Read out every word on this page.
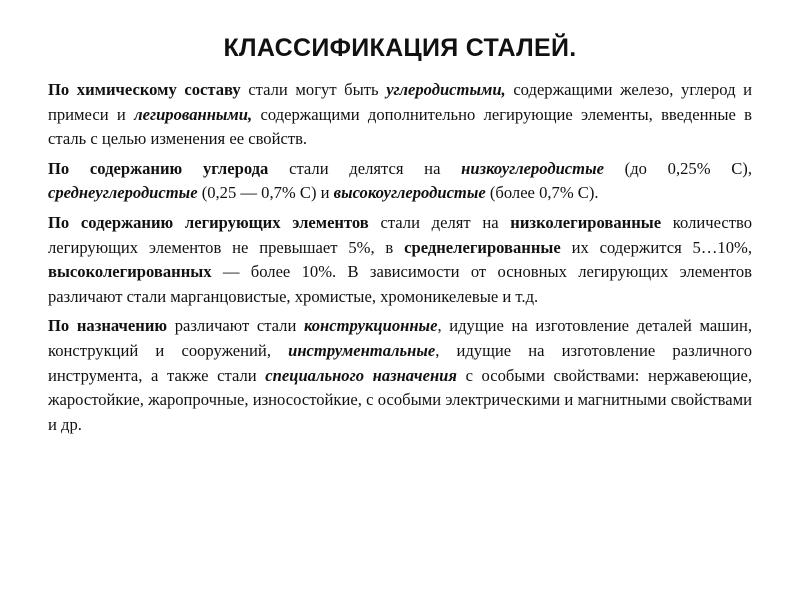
КЛАССИФИКАЦИЯ СТАЛЕЙ.

По химическому составу стали могут быть углеродистыми, содержащими железо, углерод и примеси и легированными, содержащими дополнительно легирующие элементы, введенные в сталь с целью изменения ее свойств.

По содержанию углерода стали делятся на низкоуглеродистые (до 0,25% С), среднеуглеродистые (0,25 — 0,7% С) и высокоуглеродистые (более 0,7% С).

По содержанию легирующих элементов стали делят на низколегированные количество легирующих элементов не превышает 5%, в среднелегированные их содержится 5…10%, высоколегированных — более 10%. В зависимости от основных легирующих элементов различают стали марганцовистые, хромистые, хромоникелевые и т.д.

По назначению различают стали конструкционные, идущие на изготовление деталей машин, конструкций и сооружений, инструментальные, идущие на изготовление различного инструмента, а также стали специального назначения с особыми свойствами: нержавеющие, жаростойкие, жаропрочные, износостойкие, с особыми электрическими и магнитными свойствами и др.
